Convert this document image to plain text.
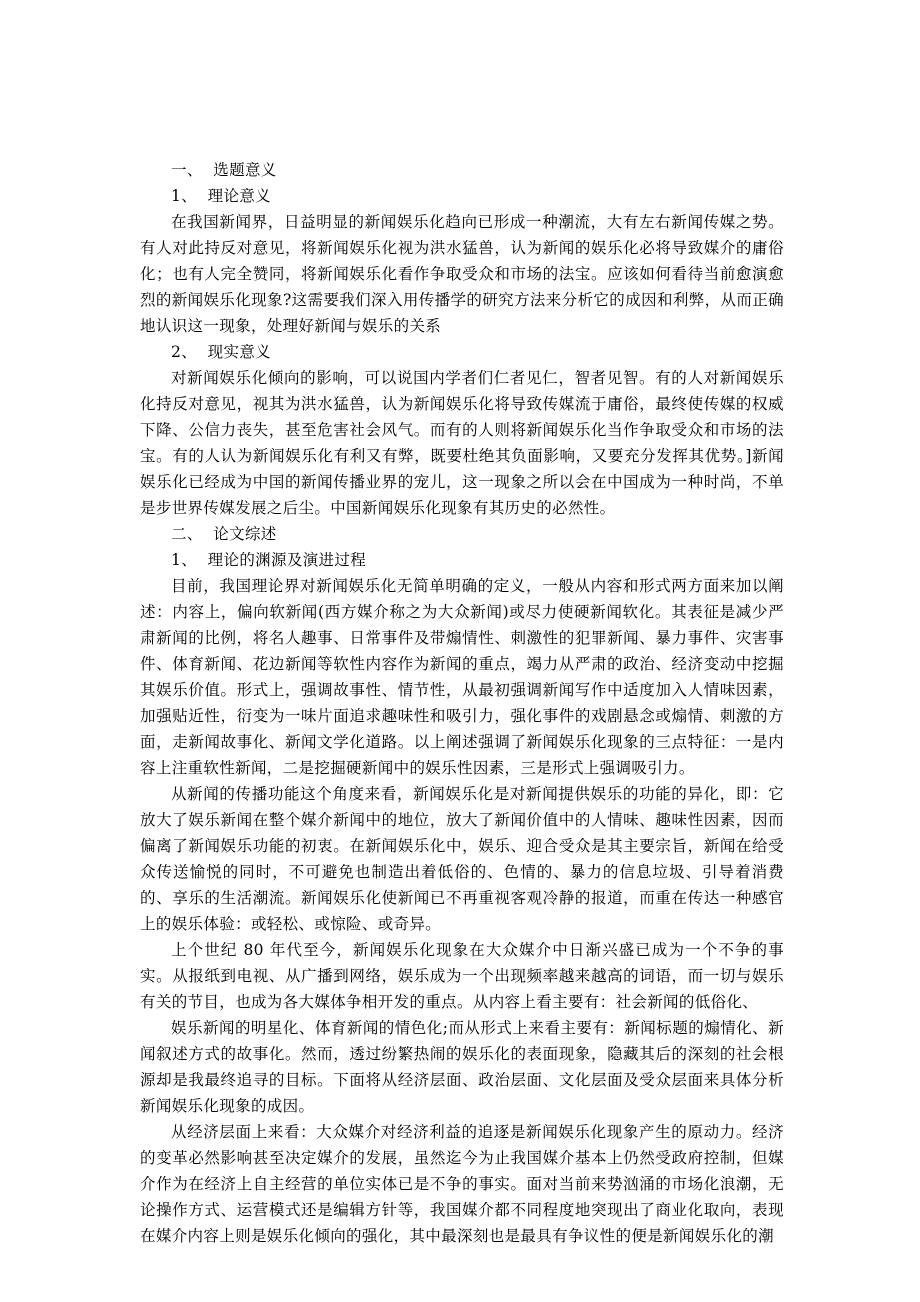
一、  选题意义

1、  理论意义

在我国新闻界，日益明显的新闻娱乐化趋向已形成一种潮流，大有左右新闻传媒之势。有人对此持反对意见，将新闻娱乐化视为洪水猛兽，认为新闻的娱乐化必将导致媒介的庸俗化；也有人完全赞同，将新闻娱乐化看作争取受众和市场的法宝。应该如何看待当前愈演愈烈的新闻娱乐化现象?这需要我们深入用传播学的研究方法来分析它的成因和利弊，从而正确地认识这一现象，处理好新闻与娱乐的关系

2、  现实意义

对新闻娱乐化倾向的影响，可以说国内学者们仁者见仁，智者见智。有的人对新闻娱乐化持反对意见，视其为洪水猛兽，认为新闻娱乐化将导致传媒流于庸俗，最终使传媒的权威下降、公信力丧失，甚至危害社会风气。而有的人则将新闻娱乐化当作争取受众和市场的法宝。有的人认为新闻娱乐化有利又有弊，既要杜绝其负面影响，又要充分发挥其优势。]新闻娱乐化已经成为中国的新闻传播业界的宠儿，这一现象之所以会在中国成为一种时尚，不单是步世界传媒发展之后尘。中国新闻娱乐化现象有其历史的必然性。

二、  论文综述

1、  理论的渊源及演进过程

目前，我国理论界对新闻娱乐化无简单明确的定义，一般从内容和形式两方面来加以阐述：内容上，偏向软新闻(西方媒介称之为大众新闻)或尽力使硬新闻软化。其表征是减少严肃新闻的比例，将名人趣事、日常事件及带煽情性、刺激性的犯罪新闻、暴力事件、灾害事件、体育新闻、花边新闻等软性内容作为新闻的重点，竭力从严肃的政治、经济变动中挖掘其娱乐价值。形式上，强调故事性、情节性，从最初强调新闻写作中适度加入人情味因素，加强贴近性，衍变为一味片面追求趣味性和吸引力，强化事件的戏剧悬念或煽情、刺激的方面，走新闻故事化、新闻文学化道路。以上阐述强调了新闻娱乐化现象的三点特征：一是内容上注重软性新闻，二是挖掘硬新闻中的娱乐性因素，三是形式上强调吸引力。

从新闻的传播功能这个角度来看，新闻娱乐化是对新闻提供娱乐的功能的异化，即：它放大了娱乐新闻在整个媒介新闻中的地位，放大了新闻价值中的人情味、趣味性因素，因而偏离了新闻娱乐功能的初衷。在新闻娱乐化中，娱乐、迎合受众是其主要宗旨，新闻在给受众传送愉悦的同时，不可避免也制造出着低俗的、色情的、暴力的信息垃圾、引导着消费的、享乐的生活潮流。新闻娱乐化使新闻已不再重视客观冷静的报道，而重在传达一种感官上的娱乐体验：或轻松、或惊险、或奇异。

上个世纪 80 年代至今，新闻娱乐化现象在大众媒介中日渐兴盛已成为一个不争的事实。从报纸到电视、从广播到网络，娱乐成为一个出现频率越来越高的词语，而一切与娱乐有关的节目，也成为各大媒体争相开发的重点。从内容上看主要有：社会新闻的低俗化、

娱乐新闻的明星化、体育新闻的情色化;而从形式上来看主要有：新闻标题的煽情化、新闻叙述方式的故事化。然而，透过纷繁热闹的娱乐化的表面现象，隐藏其后的深刻的社会根源却是我最终追寻的目标。下面将从经济层面、政治层面、文化层面及受众层面来具体分析新闻娱乐化现象的成因。

从经济层面上来看：大众媒介对经济利益的追逐是新闻娱乐化现象产生的原动力。经济的变革必然影响甚至决定媒介的发展，虽然迄今为止我国媒介基本上仍然受政府控制，但媒介作为在经济上自主经营的单位实体已是不争的事实。面对当前来势汹涌的市场化浪潮，无论操作方式、运营模式还是编辑方针等，我国媒介都不同程度地突现出了商业化取向，表现在媒介内容上则是娱乐化倾向的强化，其中最深刻也是最具有争议性的便是新闻娱乐化的潮
